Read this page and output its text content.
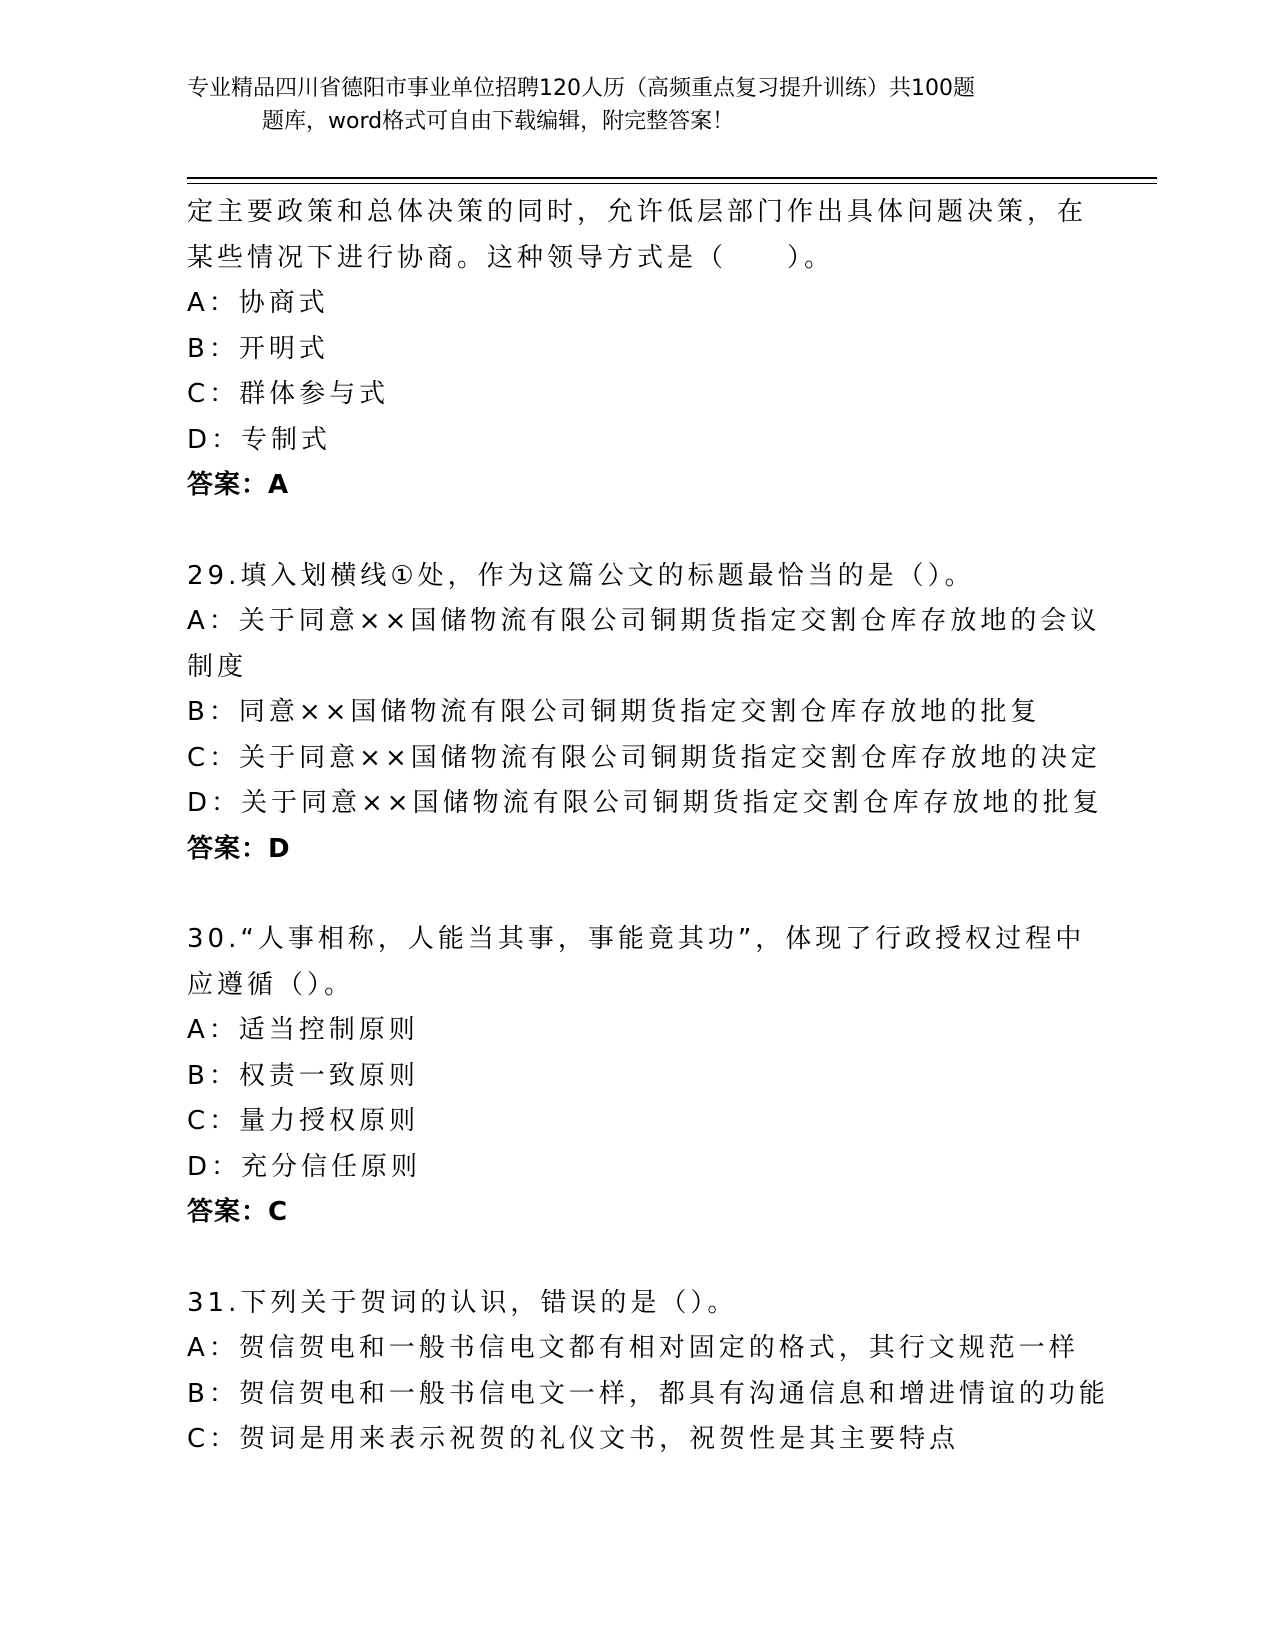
专业精品四川省德阳市事业单位招聘120人历（高频重点复习提升训练）共100题
题库，word格式可自由下载编辑，附完整答案！
定主要政策和总体决策的同时，允许低层部门作出具体问题决策，在
某些情况下进行协商。这种领导方式是（　　）。
A：协商式
B：开明式
C：群体参与式
D：专制式
答案：A
29.填入划横线①处，作为这篇公文的标题最恰当的是（）。
A：关于同意××国储物流有限公司铜期货指定交割仓库存放地的会议
制度
B：同意××国储物流有限公司铜期货指定交割仓库存放地的批复
C：关于同意××国储物流有限公司铜期货指定交割仓库存放地的决定
D：关于同意××国储物流有限公司铜期货指定交割仓库存放地的批复
答案：D
30.“人事相称，人能当其事，事能竟其功”，体现了行政授权过程中
应遵循（）。
A：适当控制原则
B：权责一致原则
C：量力授权原则
D：充分信任原则
答案：C
31.下列关于贺词的认识，错误的是（）。
A：贺信贺电和一般书信电文都有相对固定的格式，其行文规范一样
B：贺信贺电和一般书信电文一样，都具有沟通信息和增进情谊的功能
C：贺词是用来表示祝贺的礼仪文书，祝贺性是其主要特点
